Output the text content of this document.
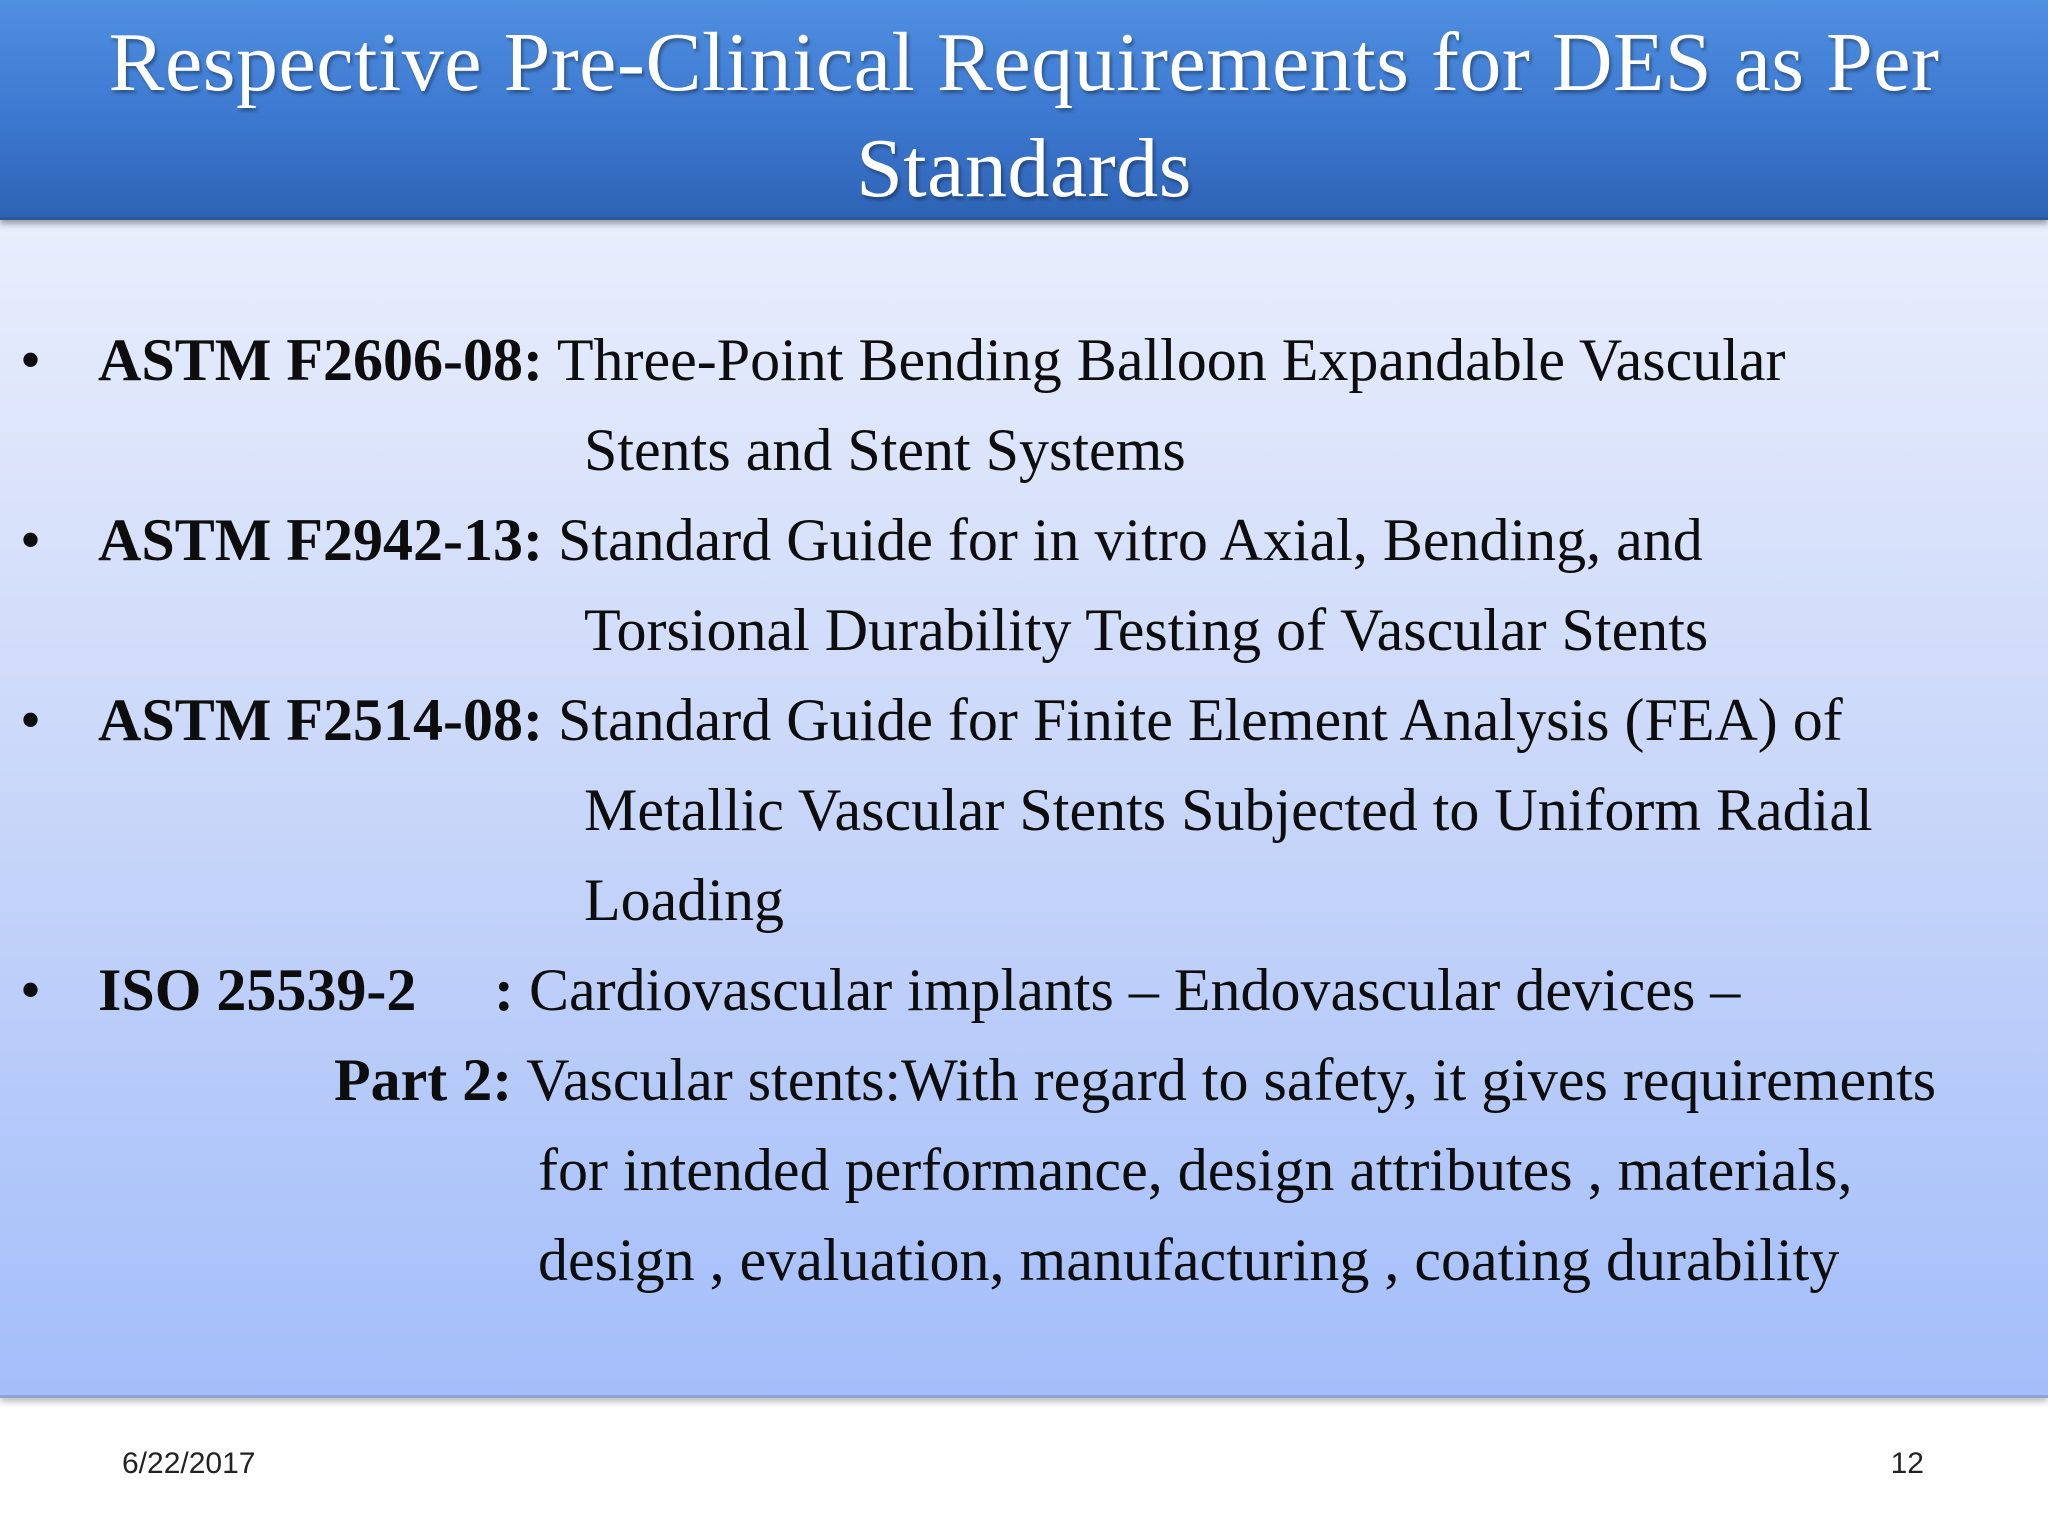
Respective Pre-Clinical Requirements for DES as Per
Standards
• ASTM F2606-08: Three-Point Bending Balloon Expandable Vascular
Stents and Stent Systems
• ASTM F2942-13: Standard Guide for in vitro Axial, Bending, and
Torsional Durability Testing of Vascular Stents
• ASTM F2514-08: Standard Guide for Finite Element Analysis (FEA) of
Metallic Vascular Stents Subjected to Uniform Radial
Loading
• ISO 25539-2 : Cardiovascular implants – Endovascular devices –
Part 2: Vascular stents:With regard to safety, it gives requirements
for intended performance, design attributes , materials,
design , evaluation, manufacturing , coating durability
6/22/2017	12
